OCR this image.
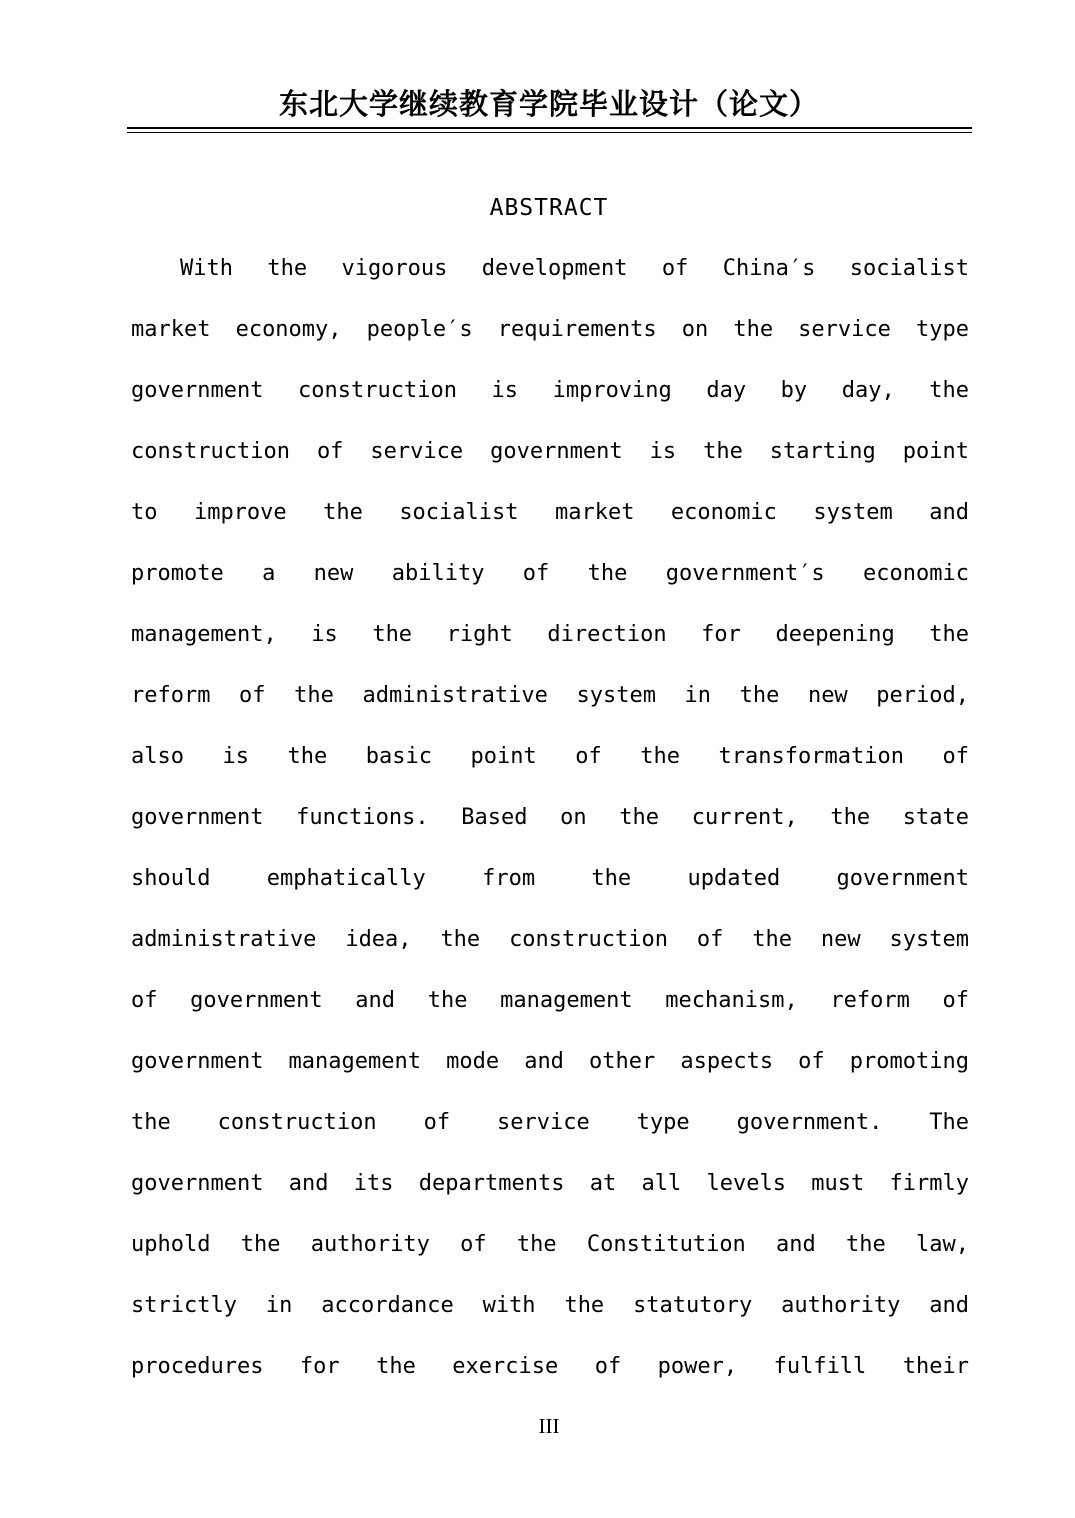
东北大学继续教育学院毕业设计（论文）
ABSTRACT
With the vigorous development of China′s socialist
market economy, people′s requirements on the service type
government construction is improving day by day, the
construction of service government is the starting point
to improve the socialist market economic system and
promote a new ability of the government′s economic
management, is the right direction for deepening the
reform of the administrative system in the new period,
also is the basic point of the transformation of
government functions. Based on the current, the state
should emphatically from the updated government
administrative idea, the construction of the new system
of government and the management mechanism, reform of
government management mode and other aspects of promoting
the construction of service type government. The
government and its departments at all levels must firmly
uphold the authority of the Constitution and the law,
strictly in accordance with the statutory authority and
procedures for the exercise of power, fulfill their
III
